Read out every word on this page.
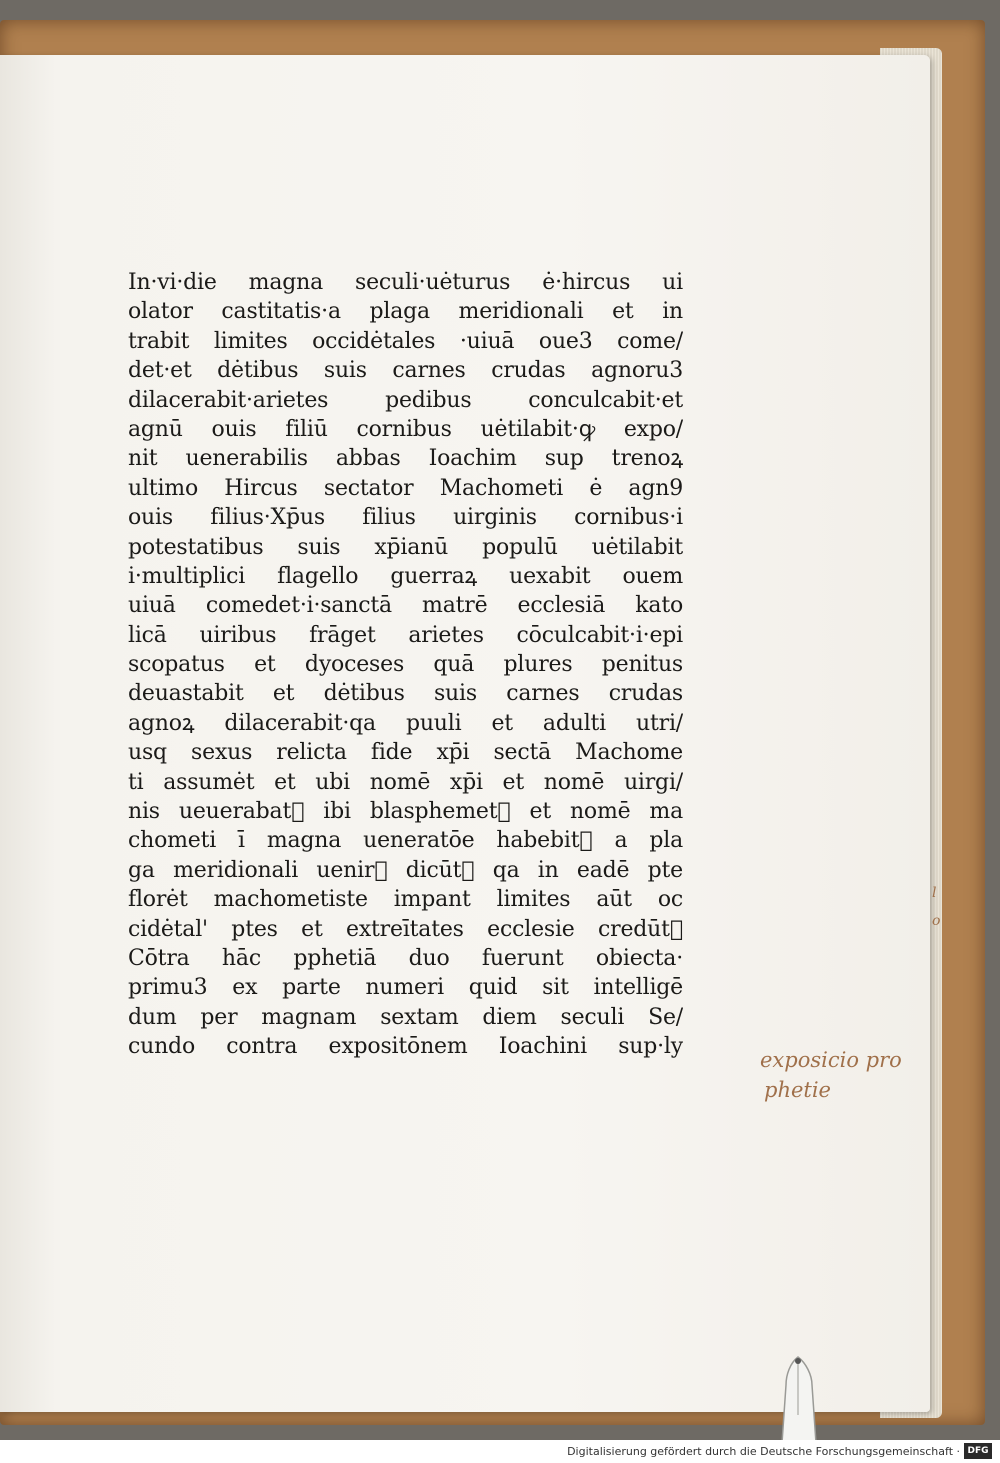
In·vi·die magna seculi·uėturus ė·hircus ui
olator castitatis·a plaga meridionali et in
trabit limites occidėtales ·uiuā oue3 come/
det·et dėtibus suis carnes crudas agnoru3
dilacerabit·arietes pedibus conculcabit·et
agnū ouis filiū cornibus uėtilabit·ꝙ expo/
nit uenerabilis abbas Ioachim sup trenoꝝ
ultimo Hircus sectator Machometi ė agn9
ouis filius·Xp̄us filius uirginis cornibus·i
potestatibus suis xp̄ianū populū uėtilabit
i·multiplici flagello guerraꝝ uexabit ouem
uiuā comedet·i·sanctā matrē ecclesiā kato
licā uiribus frāget arietes cōculcabit·i·epi
scopatus et dyoceses quā plures penitus
deuastabit et dėtibus suis carnes crudas
agnoꝝ dilacerabit·qa puuli et adulti utri/
usq sexus relicta fide xp̄i sectā Machome
ti assumėt et ubi nomē xp̄i et nomē uirgi/
nis ueuerabatᷣ ibi blasphemetᷣ et nomē ma
chometi ī magna ueneratōe habebitᷣ a pla
ga meridionali uenirᷣ dicūtᷣ qa in eadē pte
florėt machometiste impant limites aūt oc
cidėtal' ptes et extreītates ecclesie credūtᷣ
Cōtra hāc pphetiā duo fuerunt obiecta·
primu3 ex parte numeri quid sit intelligē
dum per magnam sextam diem seculi Se/
cundo contra expositōnem Ioachini sup·ly
exposicio pro
phetie
l
o
Digitalisierung gefördert durch die Deutsche Forschungsgemeinschaft · DFG
